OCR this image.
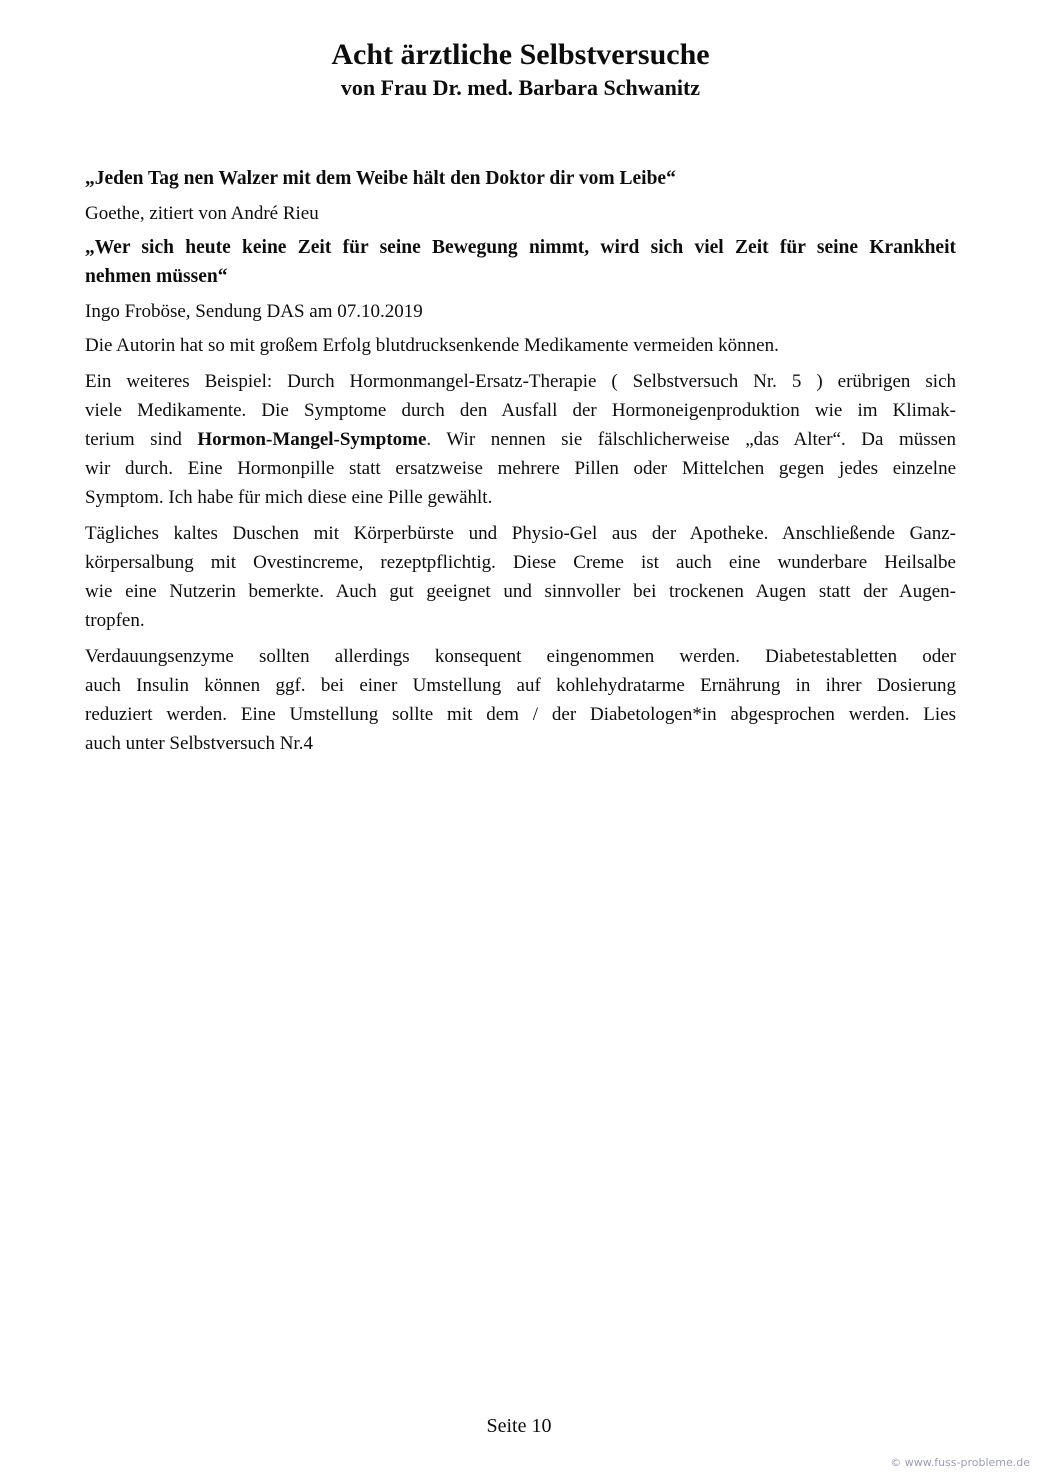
Acht ärztliche Selbstversuche
von Frau Dr. med. Barbara Schwanitz
„Jeden Tag nen Walzer mit dem Weibe hält den Doktor dir vom Leibe“
Goethe, zitiert von André Rieu
„Wer sich heute keine Zeit für seine Bewegung nimmt, wird sich viel Zeit für seine Krankheit
nehmen müssen“
Ingo Froböse, Sendung DAS am 07.10.2019
Die Autorin hat so mit großem Erfolg blutdrucksenkende Medikamente vermeiden können.
Ein weiteres Beispiel: Durch Hormonmangel-Ersatz-Therapie ( Selbstversuch Nr. 5 ) erübrigen sich
viele Medikamente. Die Symptome durch den Ausfall der Hormoneigenproduktion wie im Klimak-
terium sind Hormon-Mangel-Symptome. Wir nennen sie fälschlicherweise „das Alter“. Da müssen
wir durch. Eine Hormonpille statt ersatzweise mehrere Pillen oder Mittelchen gegen jedes einzelne
Symptom. Ich habe für mich diese eine Pille gewählt.
Tägliches kaltes Duschen mit Körperbürste und Physio-Gel aus der Apotheke. Anschließende Ganz-
körpersalbung mit Ovestincreme, rezeptpflichtig. Diese Creme ist auch eine wunderbare Heilsalbe
wie eine Nutzerin bemerkte. Auch gut geeignet und sinnvoller bei trockenen Augen statt der Augen-
tropfen.
Verdauungsenzyme sollten allerdings konsequent eingenommen werden. Diabetestabletten oder
auch Insulin können ggf. bei einer Umstellung auf kohlehydratarme Ernährung in ihrer Dosierung
reduziert werden. Eine Umstellung sollte mit dem / der Diabetologen*in abgesprochen werden. Lies
auch unter Selbstversuch Nr.4
Seite 10
© www.fuss-probleme.de
